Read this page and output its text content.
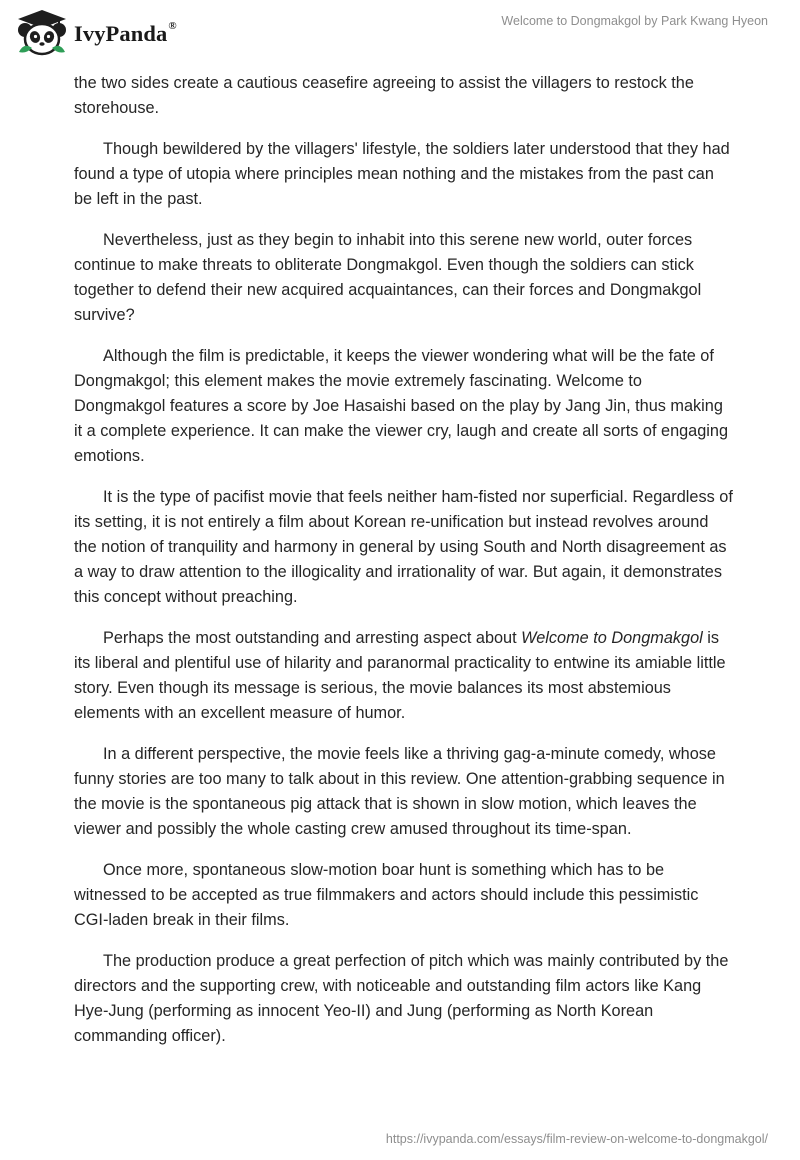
IvyPanda®	Welcome to Dongmakgol by Park Kwang Hyeon

the two sides create a cautious ceasefire agreeing to assist the villagers to restock the storehouse.

Though bewildered by the villagers' lifestyle, the soldiers later understood that they had found a type of utopia where principles mean nothing and the mistakes from the past can be left in the past.

Nevertheless, just as they begin to inhabit into this serene new world, outer forces continue to make threats to obliterate Dongmakgol. Even though the soldiers can stick together to defend their new acquired acquaintances, can their forces and Dongmakgol survive?

Although the film is predictable, it keeps the viewer wondering what will be the fate of Dongmakgol; this element makes the movie extremely fascinating. Welcome to Dongmakgol features a score by Joe Hasaishi based on the play by Jang Jin, thus making it a complete experience. It can make the viewer cry, laugh and create all sorts of engaging emotions.

It is the type of pacifist movie that feels neither ham-fisted nor superficial. Regardless of its setting, it is not entirely a film about Korean re-unification but instead revolves around the notion of tranquility and harmony in general by using South and North disagreement as a way to draw attention to the illogicality and irrationality of war. But again, it demonstrates this concept without preaching.

Perhaps the most outstanding and arresting aspect about Welcome to Dongmakgol is its liberal and plentiful use of hilarity and paranormal practicality to entwine its amiable little story. Even though its message is serious, the movie balances its most abstemious elements with an excellent measure of humor.

In a different perspective, the movie feels like a thriving gag-a-minute comedy, whose funny stories are too many to talk about in this review. One attention-grabbing sequence in the movie is the spontaneous pig attack that is shown in slow motion, which leaves the viewer and possibly the whole casting crew amused throughout its time-span.

Once more, spontaneous slow-motion boar hunt is something which has to be witnessed to be accepted as true filmmakers and actors should include this pessimistic CGI-laden break in their films.

The production produce a great perfection of pitch which was mainly contributed by the directors and the supporting crew, with noticeable and outstanding film actors like Kang Hye-Jung (performing as innocent Yeo-II) and Jung (performing as North Korean commanding officer).

https://ivypanda.com/essays/film-review-on-welcome-to-dongmakgol/
